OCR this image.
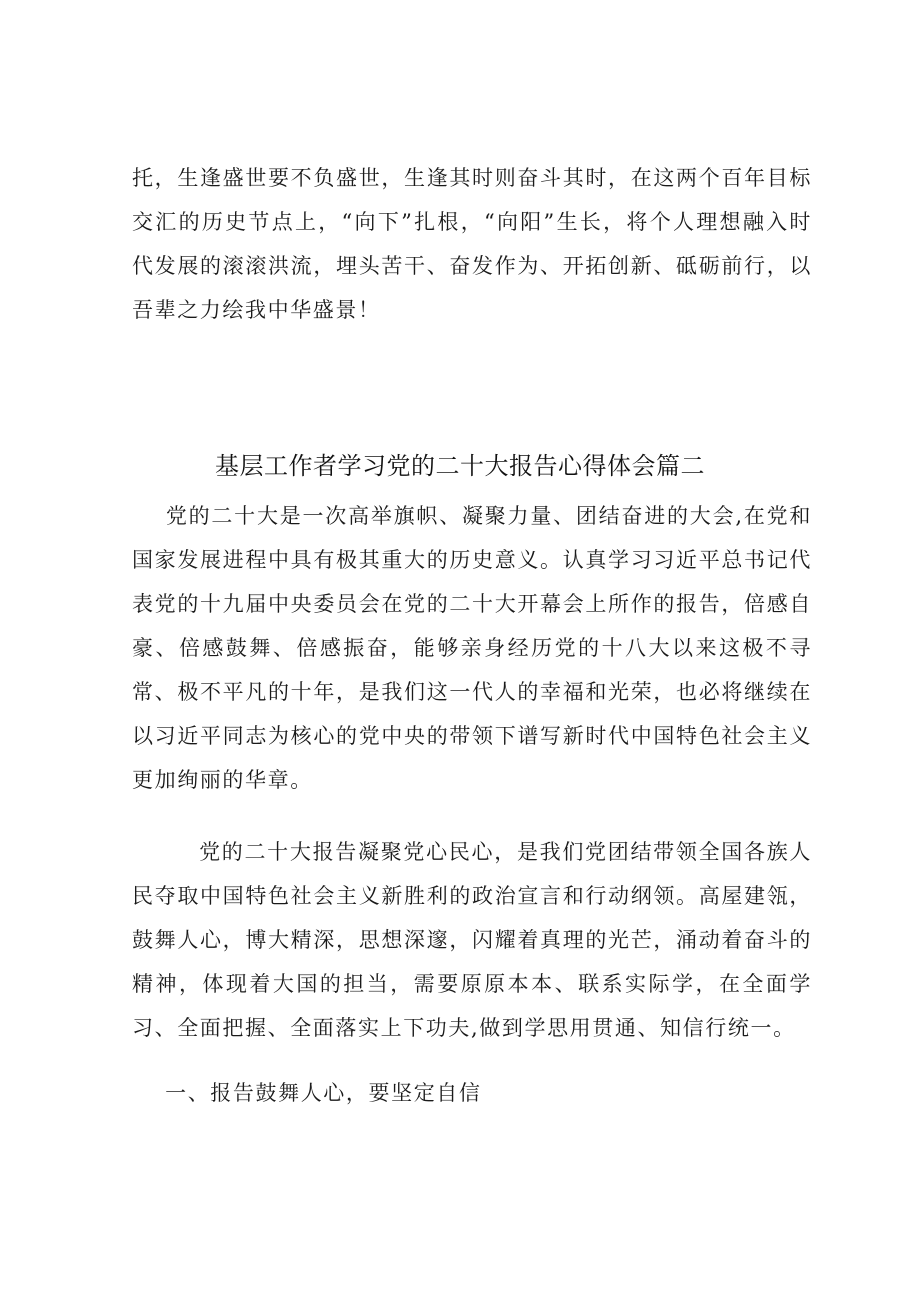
托，生逢盛世要不负盛世，生逢其时则奋斗其时，在这两个百年目标交汇的历史节点上，“向下”扎根，“向阳”生长，将个人理想融入时代发展的滚滚洪流，埋头苦干、奋发作为、开拓创新、砥砺前行，以吾辈之力绘我中华盛景！

基层工作者学习党的二十大报告心得体会篇二

党的二十大是一次高举旗帜、凝聚力量、团结奋进的大会,在党和国家发展进程中具有极其重大的历史意义。认真学习习近平总书记代表党的十九届中央委员会在党的二十大开幕会上所作的报告，倍感自豪、倍感鼓舞、倍感振奋，能够亲身经历党的十八大以来这极不寻常、极不平凡的十年，是我们这一代人的幸福和光荣，也必将继续在以习近平同志为核心的党中央的带领下谱写新时代中国特色社会主义更加绚丽的华章。

党的二十大报告凝聚党心民心，是我们党团结带领全国各族人民夺取中国特色社会主义新胜利的政治宣言和行动纲领。高屋建瓴，鼓舞人心，博大精深，思想深邃，闪耀着真理的光芒，涌动着奋斗的精神，体现着大国的担当，需要原原本本、联系实际学，在全面学习、全面把握、全面落实上下功夫,做到学思用贯通、知信行统一。

一、报告鼓舞人心，要坚定自信
